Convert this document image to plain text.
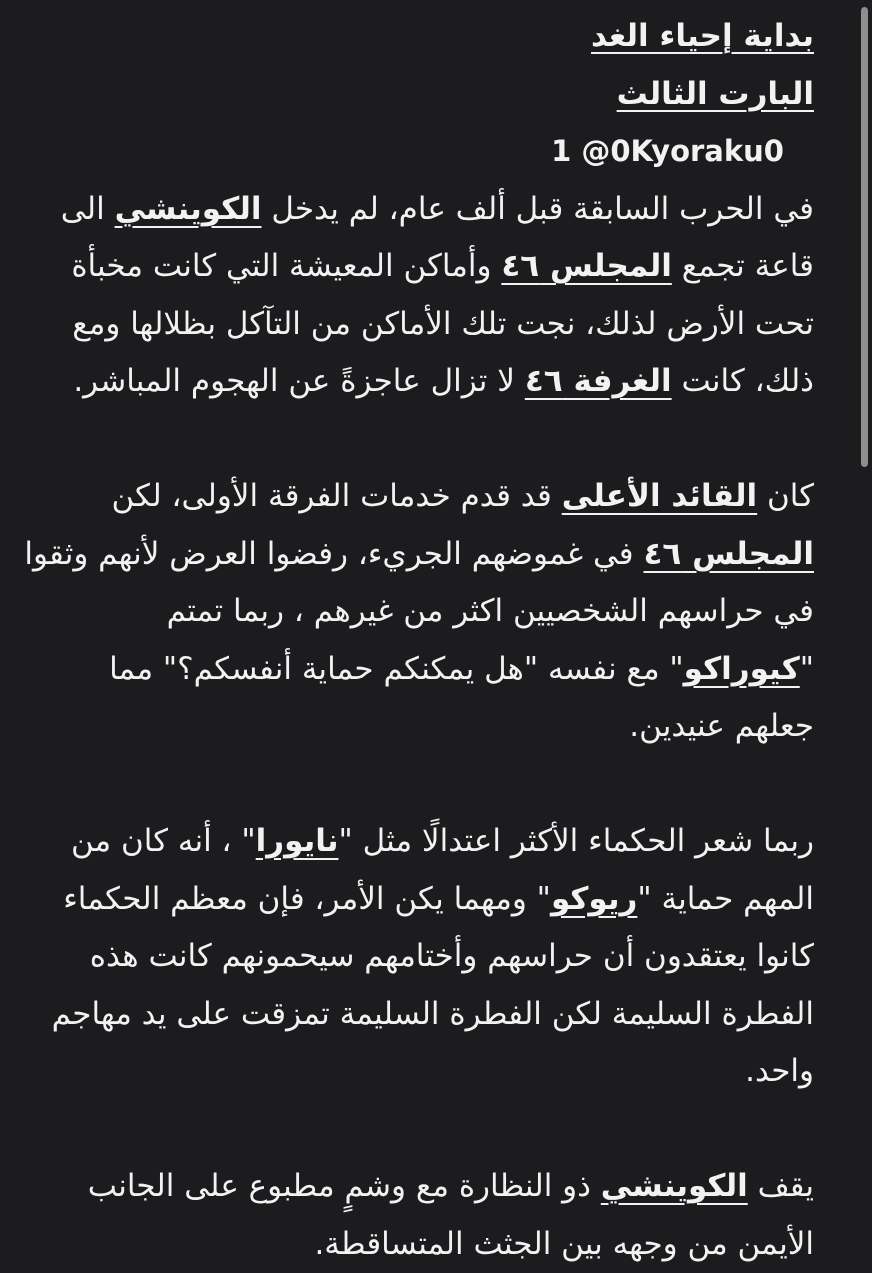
بداية إحياء الغد
البارت الثالث
1 @0Kyoraku0
في الحرب السابقة قبل ألف عام، لم يدخل الكوينشي الى قاعة تجمع المجلس ٤٦ وأماكن المعيشة التي كانت مخبأة تحت الأرض لذلك، نجت تلك الأماكن من التآكل بظلالها ومع ذلك، كانت الغرفة ٤٦ لا تزال عاجزةً عن الهجوم المباشر.
كان القائد الأعلى قد قدم خدمات الفرقة الأولى، لكن المجلس ٤٦ في غموضهم الجريء، رفضوا العرض لأنهم وثقوا في حراسهم الشخصيين اكثر من غيرهم ، ربما تمتم "كيوراكو" مع نفسه "هل يمكنكم حماية أنفسكم؟" مما جعلهم عنيدين.
ربما شعر الحكماء الأكثر اعتدالًا مثل "نايورا" ، أنه كان من المهم حماية "ريوكو" ومهما يكن الأمر، فإن معظم الحكماء كانوا يعتقدون أن حراسهم وأختامهم سيحمونهم كانت هذه الفطرة السليمة لكن الفطرة السليمة تمزقت على يد مهاجم واحد.
يقف الكوينشي ذو النظارة مع وشمٍ مطبوع على الجانب الأيمن من وجهه بين الجثث المتساقطة.
